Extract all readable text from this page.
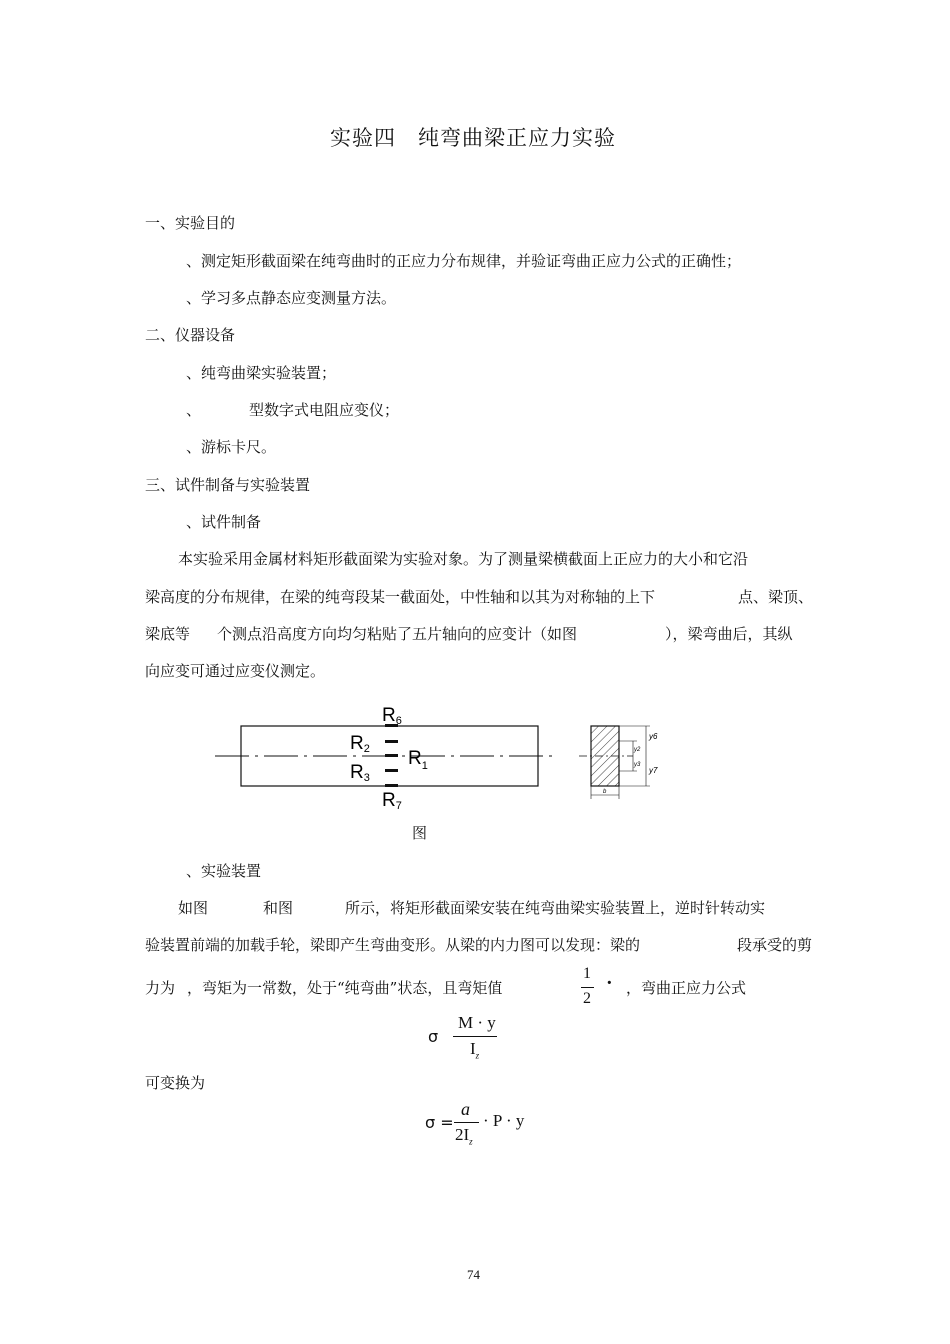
实验四　纯弯曲梁正应力实验
一、实验目的
、测定矩形截面梁在纯弯曲时的正应力分布规律，并验证弯曲正应力公式的正确性；
、学习多点静态应变测量方法。
二、仪器设备
、纯弯曲梁实验装置；
、	型数字式电阻应变仪；
、游标卡尺。
三、试件制备与实验装置
、试件制备
本实验采用金属材料矩形截面梁为实验对象。为了测量梁横截面上正应力的大小和它沿
梁高度的分布规律，在梁的纯弯段某一截面处，中性轴和以其为对称轴的上下	点、梁顶、
梁底等 个测点沿高度方向均匀粘贴了五片轴向的应变计（如图	），梁弯曲后，其纵
向应变可通过应变仪测定。
R6
R2 $R_1$
R3
R7
y6
y2
y3
y7
b
图
、实验装置
如图	和图	所示，将矩形截面梁安装在纯弯曲梁实验装置上，逆时针转动实
验装置前端的加载手轮，梁即产生弯曲变形。从梁的内力图可以发现：梁的	段承受的剪
力为 ，弯矩为一常数，处于“纯弯曲”状态，且弯矩值
1
2
· ，弯曲正应力公式
σ
M · y
$I_z$
可变换为
σ =
a
$2I_z$
· P · y
74
